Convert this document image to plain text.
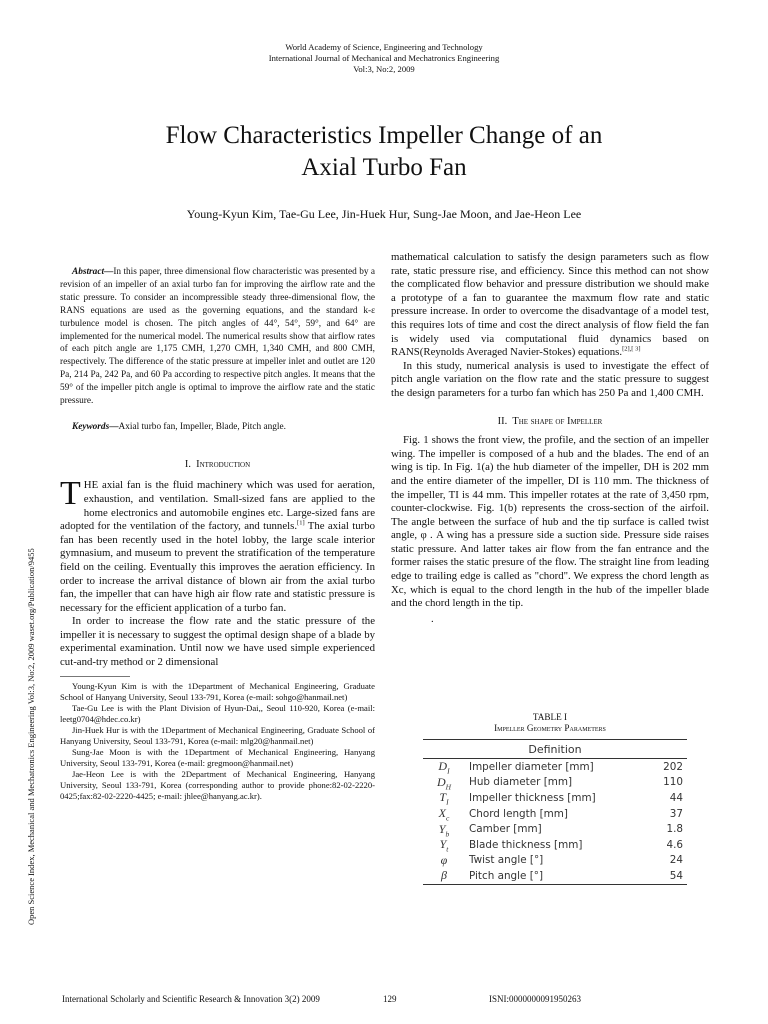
World Academy of Science, Engineering and Technology
International Journal of Mechanical and Mechatronics Engineering
Vol:3, No:2, 2009
Flow Characteristics Impeller Change of an
Axial Turbo Fan
Young-Kyun Kim, Tae-Gu Lee, Jin-Huek Hur, Sung-Jae Moon, and Jae-Heon Lee
Open Science Index, Mechanical and Mechatronics Engineering Vol:3, No:2, 2009 waset.org/Publication/9455

Abstract—In this paper, three dimensional flow characteristic was presented by a revision of an impeller of an axial turbo fan for improving the airflow rate and the static pressure. To consider an incompressible steady three-dimensional flow, the RANS equations are used as the governing equations, and the standard k-ε turbulence model is chosen. The pitch angles of 44°, 54°, 59°, and 64° are implemented for the numerical model. The numerical results show that airflow rates of each pitch angle are 1,175 CMH, 1,270 CMH, 1,340 CMH, and 800 CMH, respectively. The difference of the static pressure at impeller inlet and outlet are 120 Pa, 214 Pa, 242 Pa, and 60 Pa according to respective pitch angles. It means that the 59° of the impeller pitch angle is optimal to improve the airflow rate and the static pressure.

Keywords—Axial turbo fan, Impeller, Blade, Pitch angle.

I. Introduction

THE axial fan is the fluid machinery which was used for aeration, exhaustion, and ventilation. Small-sized fans are applied to the home electronics and automobile engines etc. Large-sized fans are adopted for the ventilation of the factory, and tunnels.[1] The axial turbo fan has been recently used in the hotel lobby, the large scale interior gymnasium, and museum to prevent the stratification of the temperature field on the ceiling. Eventually this improves the aeration efficiency. In order to increase the arrival distance of blown air from the axial turbo fan, the impeller that can have high air flow rate and statistic pressure is necessary for the efficient application of a turbo fan.

In order to increase the flow rate and the static pressure of the impeller it is necessary to suggest the optimal design shape of a blade by experimental examination. Until now we have used simple experienced cut-and-try method or 2 dimensional

Young-Kyun Kim is with the 1Department of Mechanical Engineering, Graduate School of Hanyang University, Seoul 133-791, Korea (e-mail: sohgo@hanmail.net)

Tae-Gu Lee is with the Plant Division of Hyun-Dai,, Seoul 110-920, Korea (e-mail: leetg0704@hdec.co.kr)

Jin-Huek Hur is with the 1Department of Mechanical Engineering, Graduate School of Hanyang University, Seoul 133-791, Korea (e-mail: mlg20@hanmail.net)

Sung-Jae Moon is with the 1Department of Mechanical Engineering, Hanyang University, Seoul 133-791, Korea (e-mail: gregmoon@hanmail.net)

Jae-Heon Lee is with the 2Department of Mechanical Engineering, Hanyang University, Seoul 133-791, Korea (corresponding author to provide phone:82-02-2220-0425;fax:82-02-2220-4425; e-mail: jhlee@hanyang.ac.kr).

mathematical calculation to satisfy the design parameters such as flow rate, static pressure rise, and efficiency. Since this method can not show the complicated flow behavior and pressure distribution we should make a prototype of a fan to guarantee the maxmum flow rate and static pressure increase. In order to overcome the disadvantage of a model test, this requires lots of time and cost the direct analysis of flow field the fan is widely used via computational fluid dynamics based on RANS(Reynolds Averaged Navier-Stokes) equations.[2],[ 3]

In this study, numerical analysis is used to investigate the effect of pitch angle variation on the flow rate and the static pressure to suggest the design parameters for a turbo fan which has 250 Pa and 1,400 CMH.

II. The shape of Impeller

Fig. 1 shows the front view, the profile, and the section of an impeller wing. The impeller is composed of a hub and the blades. The end of an wing is tip. In Fig. 1(a) the hub diameter of the impeller, DH is 202 mm and the entire diameter of the impeller, DI is 110 mm. The thickness of the impeller, TI is 44 mm. This impeller rotates at the rate of 3,450 rpm, counter-clockwise. Fig. 1(b) represents the cross-section of the airfoil. The angle between the surface of hub and the tip surface is called twist angle, φ . A wing has a pressure side a suction side. Pressure side raises static pressure. And latter takes air flow from the fan entrance and the former raises the static presure of the flow. The straight line from leading edge to trailing edge is called as "chord". We express the chord length as Xc, which is equal to the chord length in the hub of the impeller blade and the chord length in the tip.

.
TABLE I
Impeller Geometry Parameters
Definition		
$D_I$	Impeller diameter [mm]	202
$D_H$	Hub diameter [mm]	110
$T_I$	Impeller thickness [mm]	44
$X_c$	Chord length [mm]	37
$Y_b$	Camber [mm]	1.8
$Y_t$	Blade thickness [mm]	4.6
φ	Twist angle [°]	24
β	Pitch angle [°]	54
International Scholarly and Scientific Research & Innovation 3(2) 2009	129	ISNI:0000000091950263
